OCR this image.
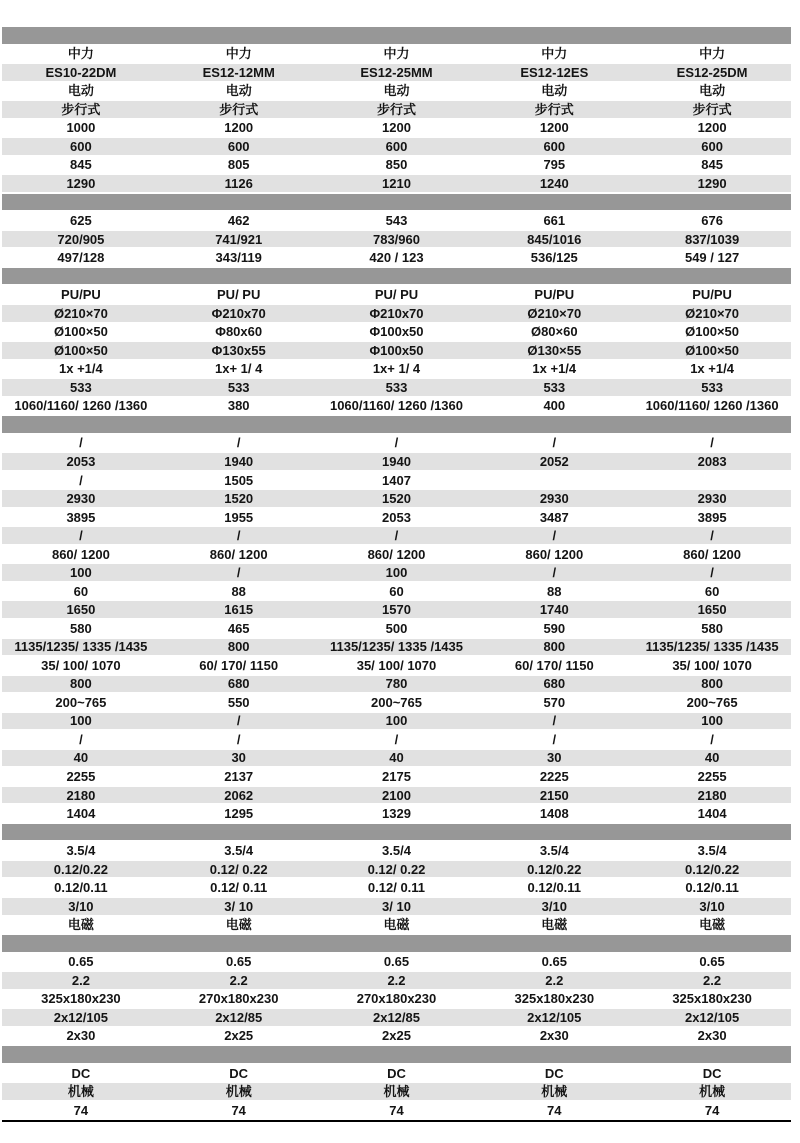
中力	中力	中力	中力	中力
ES10-22DM	ES12-12MM	ES12-25MM	ES12-12ES	ES12-25DM
电动	电动	电动	电动	电动
步行式	步行式	步行式	步行式	步行式
1000	1200	1200	1200	1200
600	600	600	600	600
845	805	850	795	845
1290	1126	1210	1240	1290
625	462	543	661	676
720/905	741/921	783/960	845/1016	837/1039
497/128	343/119	420 / 123	536/125	549 / 127
PU/PU	PU/ PU	PU/ PU	PU/PU	PU/PU
Ø210×70	Φ210x70	Φ210x70	Ø210×70	Ø210×70
Ø100×50	Φ80x60	Φ100x50	Ø80×60	Ø100×50
Ø100×50	Φ130x55	Φ100x50	Ø130×55	Ø100×50
1x +1/4	1x+ 1/ 4	1x+ 1/ 4	1x +1/4	1x +1/4
533	533	533	533	533
1060/1160/ 1260 /1360	380	1060/1160/ 1260 /1360	400	1060/1160/ 1260 /1360
/	/	/	/	/
2053	1940	1940	2052	2083
/	1505	1407
2930	1520	1520	2930	2930
3895	1955	2053	3487	3895
/	/	/	/	/
860/ 1200	860/ 1200	860/ 1200	860/ 1200	860/ 1200
100	/	100	/	/
60	88	60	88	60
1650	1615	1570	1740	1650
580	465	500	590	580
1135/1235/ 1335 /1435	800	1135/1235/ 1335 /1435	800	1135/1235/ 1335 /1435
35/ 100/ 1070	60/ 170/ 1150	35/ 100/ 1070	60/ 170/ 1150	35/ 100/ 1070
800	680	780	680	800
200~765	550	200~765	570	200~765
100	/	100	/	100
/	/	/	/	/
40	30	40	30	40
2255	2137	2175	2225	2255
2180	2062	2100	2150	2180
1404	1295	1329	1408	1404
3.5/4	3.5/4	3.5/4	3.5/4	3.5/4
0.12/0.22	0.12/ 0.22	0.12/ 0.22	0.12/0.22	0.12/0.22
0.12/0.11	0.12/ 0.11	0.12/ 0.11	0.12/0.11	0.12/0.11
3/10	3/ 10	3/ 10	3/10	3/10
电磁	电磁	电磁	电磁	电磁
0.65	0.65	0.65	0.65	0.65
2.2	2.2	2.2	2.2	2.2
325x180x230	270x180x230	270x180x230	325x180x230	325x180x230
2x12/105	2x12/85	2x12/85	2x12/105	2x12/105
2x30	2x25	2x25	2x30	2x30
DC	DC	DC	DC	DC
机械	机械	机械	机械	机械
74	74	74	74	74
